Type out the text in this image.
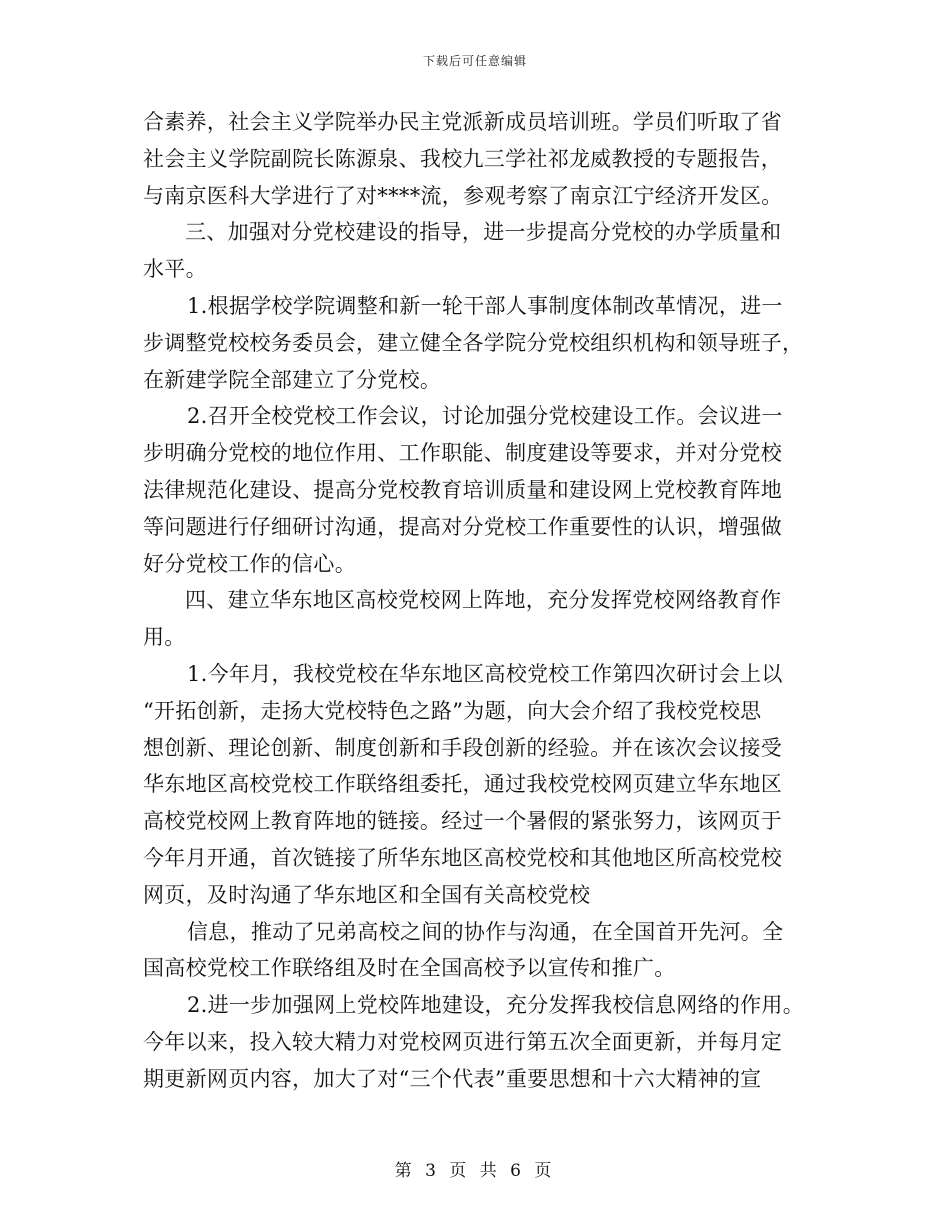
下载后可任意编辑
合素养，社会主义学院举办民主党派新成员培训班。学员们听取了省
社会主义学院副院长陈源泉、我校九三学社祁龙威教授的专题报告，
与南京医科大学进行了对****流，参观考察了南京江宁经济开发区。
三、加强对分党校建设的指导，进一步提高分党校的办学质量和
水平。
1.根据学校学院调整和新一轮干部人事制度体制改革情况，进一
步调整党校校务委员会，建立健全各学院分党校组织机构和领导班子，
在新建学院全部建立了分党校。
2.召开全校党校工作会议，讨论加强分党校建设工作。会议进一
步明确分党校的地位作用、工作职能、制度建设等要求，并对分党校
法律规范化建设、提高分党校教育培训质量和建设网上党校教育阵地
等问题进行仔细研讨沟通，提高对分党校工作重要性的认识，增强做
好分党校工作的信心。
四、建立华东地区高校党校网上阵地，充分发挥党校网络教育作
用。
1.今年月，我校党校在华东地区高校党校工作第四次研讨会上以
“开拓创新，走扬大党校特色之路”为题，向大会介绍了我校党校思
想创新、理论创新、制度创新和手段创新的经验。并在该次会议接受
华东地区高校党校工作联络组委托，通过我校党校网页建立华东地区
高校党校网上教育阵地的链接。经过一个暑假的紧张努力，该网页于
今年月开通，首次链接了所华东地区高校党校和其他地区所高校党校
网页，及时沟通了华东地区和全国有关高校党校
信息，推动了兄弟高校之间的协作与沟通，在全国首开先河。全
国高校党校工作联络组及时在全国高校予以宣传和推广。
2.进一步加强网上党校阵地建设，充分发挥我校信息网络的作用。
今年以来，投入较大精力对党校网页进行第五次全面更新，并每月定
期更新网页内容，加大了对“三个代表”重要思想和十六大精神的宣
第 3 页 共 6 页
